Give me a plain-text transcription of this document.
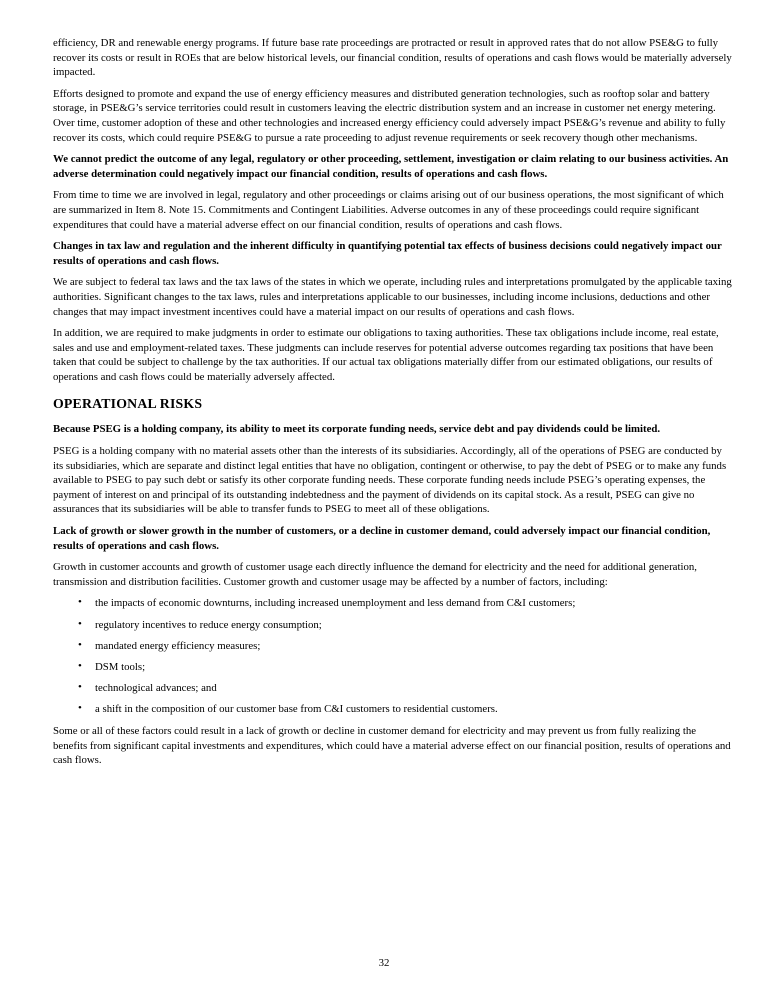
efficiency, DR and renewable energy programs. If future base rate proceedings are protracted or result in approved rates that do not allow PSE&G to fully recover its costs or result in ROEs that are below historical levels, our financial condition, results of operations and cash flows would be materially adversely impacted.

Efforts designed to promote and expand the use of energy efficiency measures and distributed generation technologies, such as rooftop solar and battery storage, in PSE&G’s service territories could result in customers leaving the electric distribution system and an increase in customer net energy metering. Over time, customer adoption of these and other technologies and increased energy efficiency could adversely impact PSE&G’s revenue and ability to fully recover its costs, which could require PSE&G to pursue a rate proceeding to adjust revenue requirements or seek recovery though other mechanisms.

We cannot predict the outcome of any legal, regulatory or other proceeding, settlement, investigation or claim relating to our business activities. An adverse determination could negatively impact our financial condition, results of operations and cash flows.

From time to time we are involved in legal, regulatory and other proceedings or claims arising out of our business operations, the most significant of which are summarized in Item 8. Note 15. Commitments and Contingent Liabilities. Adverse outcomes in any of these proceedings could require significant expenditures that could have a material adverse effect on our financial condition, results of operations and cash flows.

Changes in tax law and regulation and the inherent difficulty in quantifying potential tax effects of business decisions could negatively impact our results of operations and cash flows.

We are subject to federal tax laws and the tax laws of the states in which we operate, including rules and interpretations promulgated by the applicable taxing authorities. Significant changes to the tax laws, rules and interpretations applicable to our businesses, including income inclusions, deductions and other changes that may impact investment incentives could have a material impact on our results of operations and cash flows.

In addition, we are required to make judgments in order to estimate our obligations to taxing authorities. These tax obligations include income, real estate, sales and use and employment-related taxes. These judgments can include reserves for potential adverse outcomes regarding tax positions that have been taken that could be subject to challenge by the tax authorities. If our actual tax obligations materially differ from our estimated obligations, our results of operations and cash flows could be materially adversely affected.

OPERATIONAL RISKS

Because PSEG is a holding company, its ability to meet its corporate funding needs, service debt and pay dividends could be limited.

PSEG is a holding company with no material assets other than the interests of its subsidiaries. Accordingly, all of the operations of PSEG are conducted by its subsidiaries, which are separate and distinct legal entities that have no obligation, contingent or otherwise, to pay the debt of PSEG or to make any funds available to PSEG to pay such debt or satisfy its other corporate funding needs. These corporate funding needs include PSEG’s operating expenses, the payment of interest on and principal of its outstanding indebtedness and the payment of dividends on its capital stock. As a result, PSEG can give no assurances that its subsidiaries will be able to transfer funds to PSEG to meet all of these obligations.

Lack of growth or slower growth in the number of customers, or a decline in customer demand, could adversely impact our financial condition, results of operations and cash flows.

Growth in customer accounts and growth of customer usage each directly influence the demand for electricity and the need for additional generation, transmission and distribution facilities. Customer growth and customer usage may be affected by a number of factors, including:

• the impacts of economic downturns, including increased unemployment and less demand from C&I customers;
• regulatory incentives to reduce energy consumption;
• mandated energy efficiency measures;
• DSM tools;
• technological advances; and
• a shift in the composition of our customer base from C&I customers to residential customers.

Some or all of these factors could result in a lack of growth or decline in customer demand for electricity and may prevent us from fully realizing the benefits from significant capital investments and expenditures, which could have a material adverse effect on our financial position, results of operations and cash flows.

32
